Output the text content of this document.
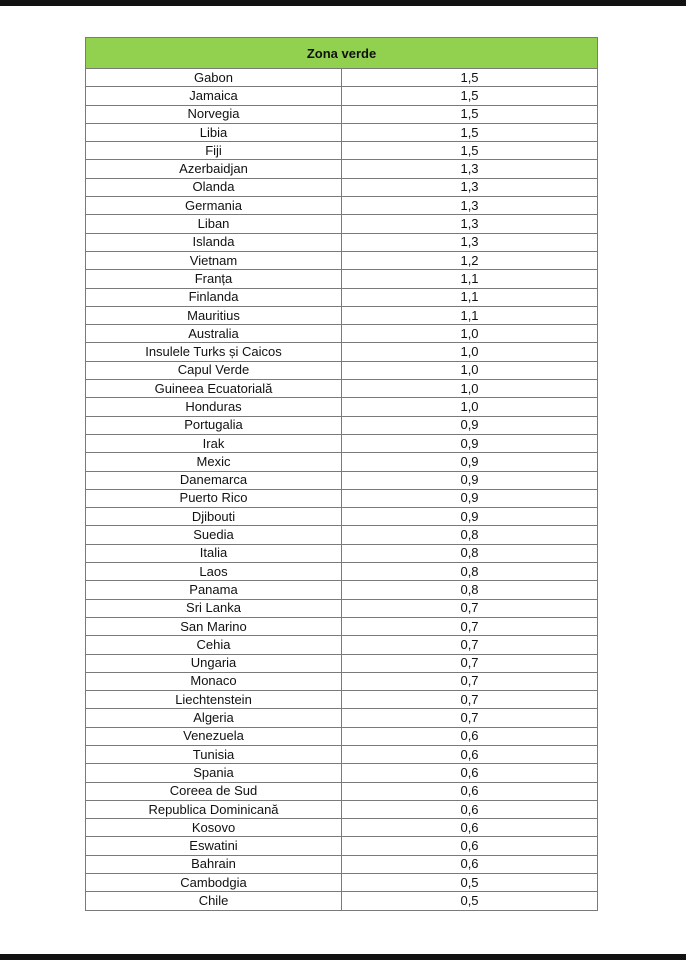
Zona verde	
Gabon	1,5
Jamaica	1,5
Norvegia	1,5
Libia	1,5
Fiji	1,5
Azerbaidjan	1,3
Olanda	1,3
Germania	1,3
Liban	1,3
Islanda	1,3
Vietnam	1,2
Franța	1,1
Finlanda	1,1
Mauritius	1,1
Australia	1,0
Insulele Turks și Caicos	1,0
Capul Verde	1,0
Guineea Ecuatorială	1,0
Honduras	1,0
Portugalia	0,9
Irak	0,9
Mexic	0,9
Danemarca	0,9
Puerto Rico	0,9
Djibouti	0,9
Suedia	0,8
Italia	0,8
Laos	0,8
Panama	0,8
Sri Lanka	0,7
San Marino	0,7
Cehia	0,7
Ungaria	0,7
Monaco	0,7
Liechtenstein	0,7
Algeria	0,7
Venezuela	0,6
Tunisia	0,6
Spania	0,6
Coreea de Sud	0,6
Republica Dominicană	0,6
Kosovo	0,6
Eswatini	0,6
Bahrain	0,6
Cambodgia	0,5
Chile	0,5
